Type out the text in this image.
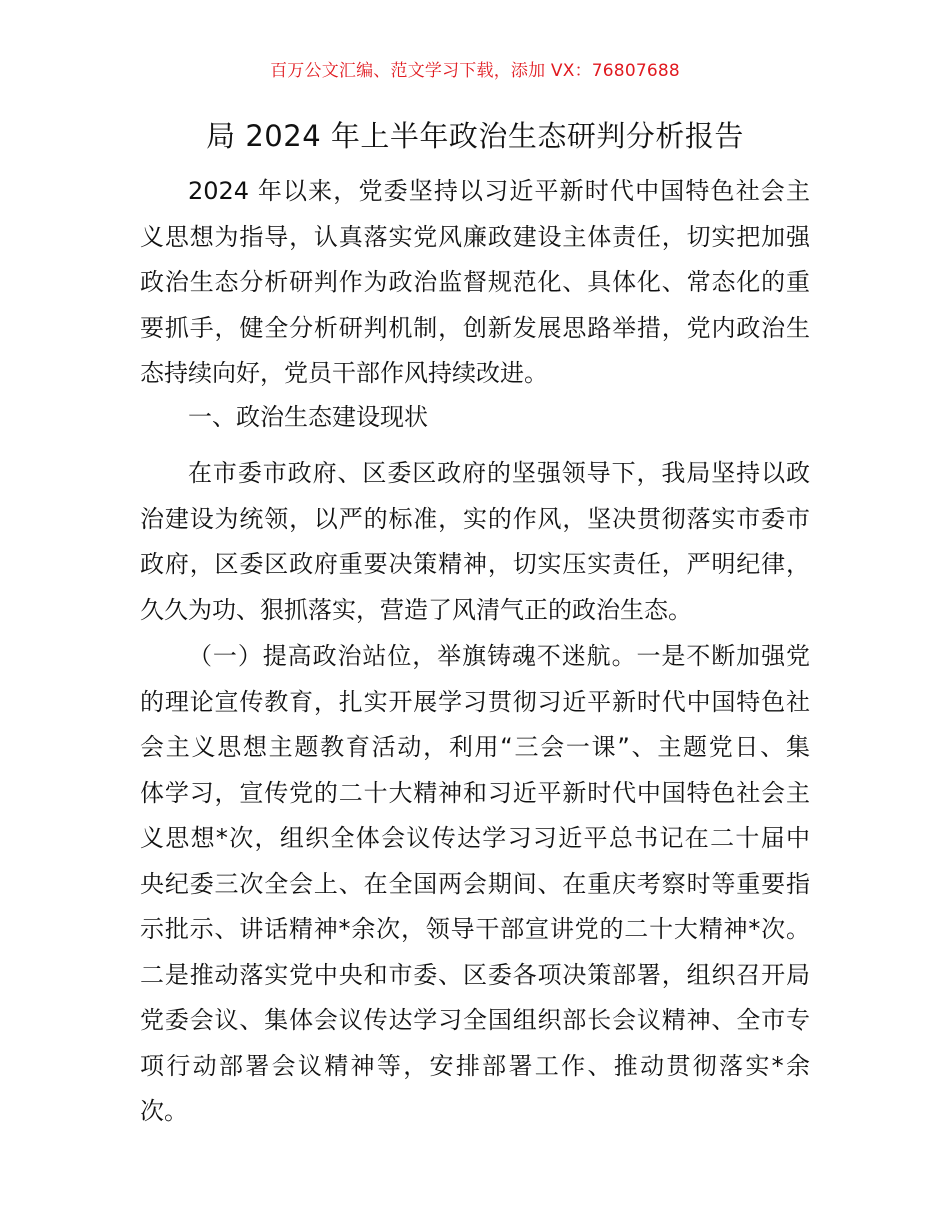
百万公文汇编、范文学习下载，添加 VX：76807688
局 2024 年上半年政治生态研判分析报告
2024 年以来，党委坚持以习近平新时代中国特色社会主
义思想为指导，认真落实党风廉政建设主体责任，切实把加强
政治生态分析研判作为政治监督规范化、具体化、常态化的重
要抓手，健全分析研判机制，创新发展思路举措，党内政治生
态持续向好，党员干部作风持续改进。
一、政治生态建设现状
在市委市政府、区委区政府的坚强领导下，我局坚持以政
治建设为统领，以严的标准，实的作风，坚决贯彻落实市委市
政府，区委区政府重要决策精神，切实压实责任，严明纪律，
久久为功、狠抓落实，营造了风清气正的政治生态。
（一）提高政治站位，举旗铸魂不迷航。一是不断加强党
的理论宣传教育，扎实开展学习贯彻习近平新时代中国特色社
会主义思想主题教育活动，利用“三会一课”、主题党日、集
体学习，宣传党的二十大精神和习近平新时代中国特色社会主
义思想*次，组织全体会议传达学习习近平总书记在二十届中
央纪委三次全会上、在全国两会期间、在重庆考察时等重要指
示批示、讲话精神*余次，领导干部宣讲党的二十大精神*次。
二是推动落实党中央和市委、区委各项决策部署，组织召开局
党委会议、集体会议传达学习全国组织部长会议精神、全市专
项行动部署会议精神等，安排部署工作、推动贯彻落实*余
次。
